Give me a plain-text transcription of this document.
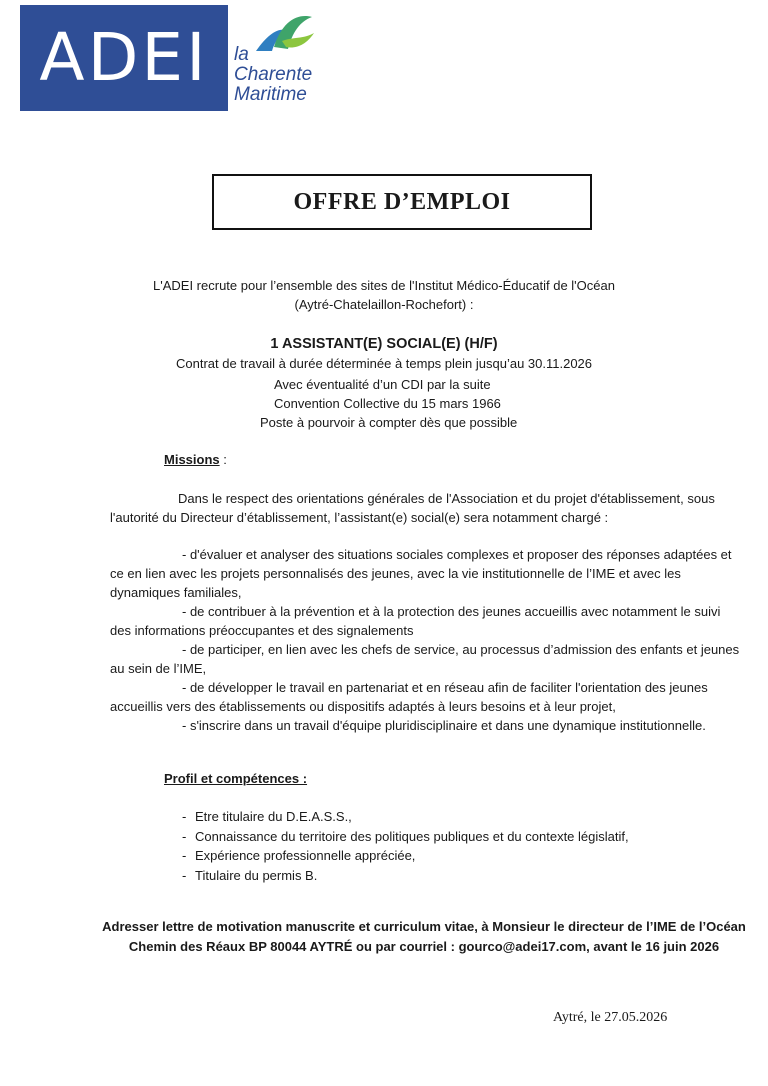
ADEI la
Charente
Maritime
OFFRE D’EMPLOI
L'ADEI recrute pour l’ensemble des sites de l'Institut Médico-Éducatif de l'Océan
(Aytré-Chatelaillon-Rochefort) :
1 ASSISTANT(E) SOCIAL(E) (H/F)
Contrat de travail à durée déterminée à temps plein jusqu’au 30.11.2026
Avec éventualité d’un CDI par la suite
Convention Collective du 15 mars 1966
Poste à pourvoir à compter dès que possible
Missions :

Dans le respect des orientations générales de l'Association et du projet d'établissement, sous l'autorité du Directeur d’établissement, l’assistant(e) social(e) sera notamment chargé :

- d'évaluer et analyser des situations sociales complexes et proposer des réponses adaptées et ce en lien avec les projets personnalisés des jeunes, avec la vie institutionnelle de l’IME et avec les dynamiques familiales,

- de contribuer à la prévention et à la protection des jeunes accueillis avec notamment le suivi des informations préoccupantes et des signalements

- de participer, en lien avec les chefs de service, au processus d’admission des enfants et jeunes au sein de l’IME,

- de développer le travail en partenariat et en réseau afin de faciliter l'orientation des jeunes accueillis vers des établissements ou dispositifs adaptés à leurs besoins et à leur projet,

- s'inscrire dans un travail d'équipe pluridisciplinaire et dans une dynamique institutionnelle.

Profil et compétences :
- Etre titulaire du D.E.A.S.S.,
- Connaissance du territoire des politiques publiques et du contexte législatif,
- Expérience professionnelle appréciée,
- Titulaire du permis B.
Adresser lettre de motivation manuscrite et curriculum vitae, à Monsieur le directeur de l’IME de l’Océan Chemin des Réaux BP 80044 AYTRÉ ou par courriel : gourco@adei17.com, avant le 16 juin 2026
Aytré, le 27.05.2026
